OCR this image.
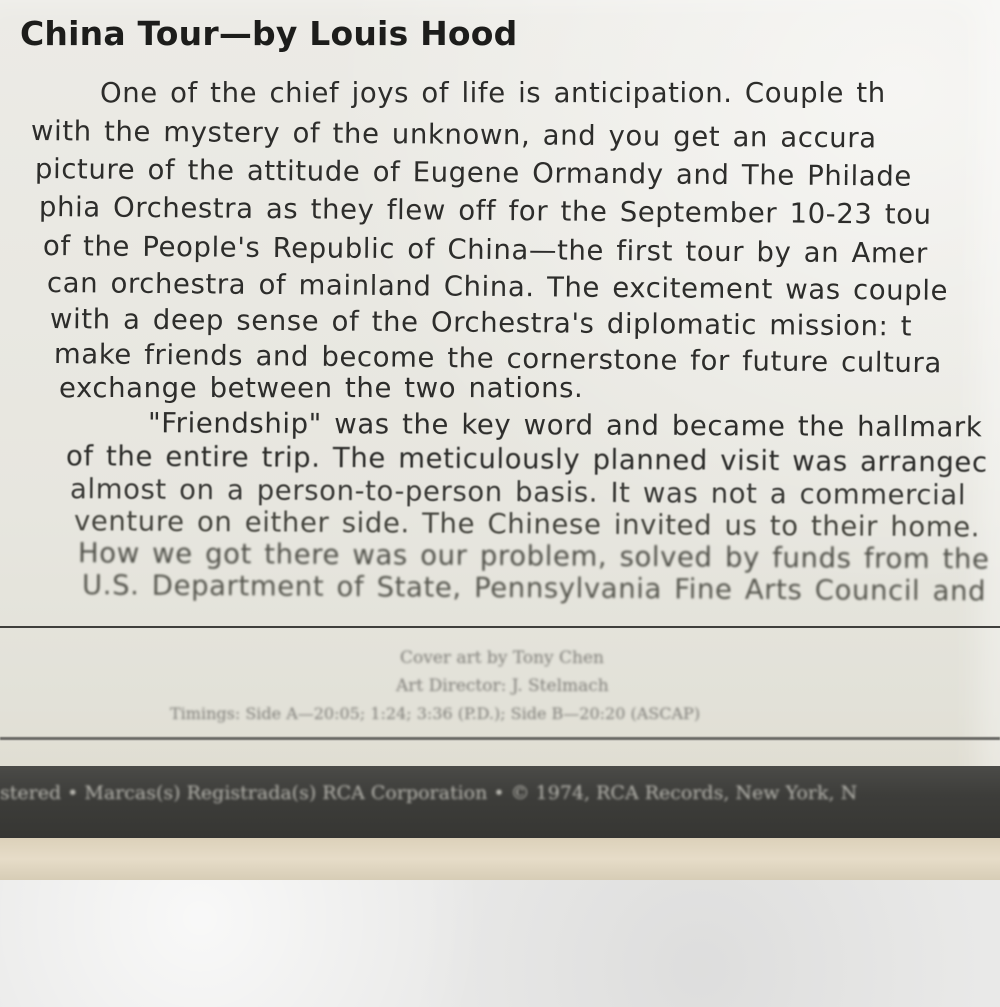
China Tour—by Louis Hood
One of the chief joys of life is anticipation. Couple th
with the mystery of the unknown, and you get an accura
picture of the attitude of Eugene Ormandy and The Philade
phia Orchestra as they flew off for the September 10-23 tou
of the People's Republic of China—the first tour by an Amer
can orchestra of mainland China. The excitement was couple
with a deep sense of the Orchestra's diplomatic mission: t
make friends and become the cornerstone for future cultura
exchange between the two nations.
"Friendship" was the key word and became the hallmark
of the entire trip. The meticulously planned visit was arrangec
almost on a person-to-person basis. It was not a commercial
venture on either side. The Chinese invited us to their home.
How we got there was our problem, solved by funds from the
U.S. Department of State, Pennsylvania Fine Arts Council and
Cover art by Tony Chen
Art Director: J. Stelmach
Timings: Side A—20:05; 1:24; 3:36 (P.D.); Side B—20:20 (ASCAP)
stered • Marcas(s) Registrada(s) RCA Corporation • © 1974, RCA Records, New York, N
